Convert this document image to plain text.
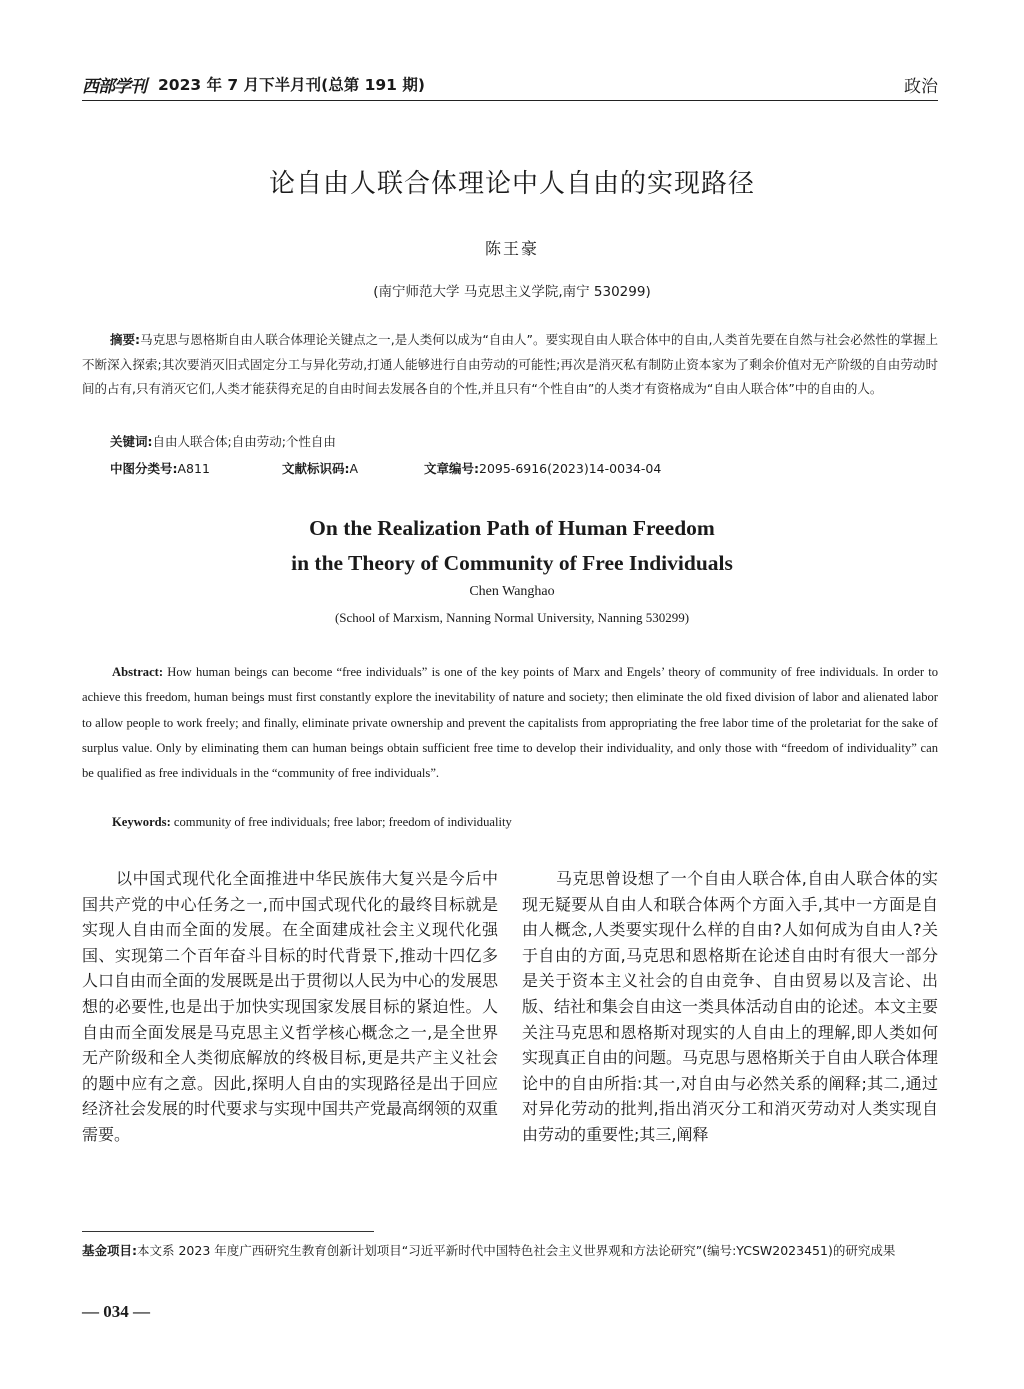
西部学刊 2023 年 7 月下半月刊(总第 191 期)	政治
论自由人联合体理论中人自由的实现路径
陈王豪
(南宁师范大学 马克思主义学院,南宁 530299)
摘要:马克思与恩格斯自由人联合体理论关键点之一,是人类何以成为“自由人”。要实现自由人联合体中的自由,人类首先要在自然与社会必然性的掌握上不断深入探索;其次要消灭旧式固定分工与异化劳动,打通人能够进行自由劳动的可能性;再次是消灭私有制防止资本家为了剩余价值对无产阶级的自由劳动时间的占有,只有消灭它们,人类才能获得充足的自由时间去发展各自的个性,并且只有“个性自由”的人类才有资格成为“自由人联合体”中的自由的人。
关键词:自由人联合体;自由劳动;个性自由
中图分类号:A811	文献标识码:A	文章编号:2095-6916(2023)14-0034-04
On the Realization Path of Human Freedom
in the Theory of Community of Free Individuals
Chen Wanghao
(School of Marxism, Nanning Normal University, Nanning 530299)
Abstract: How human beings can become “free individuals” is one of the key points of Marx and Engels’ theory of community of free individuals. In order to achieve this freedom, human beings must first constantly explore the inevitability of nature and society; then eliminate the old fixed division of labor and alienated labor to allow people to work freely; and finally, eliminate private ownership and prevent the capitalists from appropriating the free labor time of the proletariat for the sake of surplus value. Only by eliminating them can human beings obtain sufficient free time to develop their individuality, and only those with “freedom of individuality” can be qualified as free individuals in the “community of free individuals”.
Keywords: community of free individuals; free labor; freedom of individuality
以中国式现代化全面推进中华民族伟大复兴是今后中国共产党的中心任务之一,而中国式现代化的最终目标就是实现人自由而全面的发展。在全面建成社会主义现代化强国、实现第二个百年奋斗目标的时代背景下,推动十四亿多人口自由而全面的发展既是出于贯彻以人民为中心的发展思想的必要性,也是出于加快实现国家发展目标的紧迫性。人自由而全面发展是马克思主义哲学核心概念之一,是全世界无产阶级和全人类彻底解放的终极目标,更是共产主义社会的题中应有之意。因此,探明人自由的实现路径是出于回应经济社会发展的时代要求与实现中国共产党最高纲领的双重需要。
马克思曾设想了一个自由人联合体,自由人联合体的实现无疑要从自由人和联合体两个方面入手,其中一方面是自由人概念,人类要实现什么样的自由?人如何成为自由人?关于自由的方面,马克思和恩格斯在论述自由时有很大一部分是关于资本主义社会的自由竞争、自由贸易以及言论、出版、结社和集会自由这一类具体活动自由的论述。本文主要关注马克思和恩格斯对现实的人自由上的理解,即人类如何实现真正自由的问题。马克思与恩格斯关于自由人联合体理论中的自由所指:其一,对自由与必然关系的阐释;其二,通过对异化劳动的批判,指出消灭分工和消灭劳动对人类实现自由劳动的重要性;其三,阐释
基金项目:本文系 2023 年度广西研究生教育创新计划项目“习近平新时代中国特色社会主义世界观和方法论研究”(编号:YCSW2023451)的研究成果
— 034 —
